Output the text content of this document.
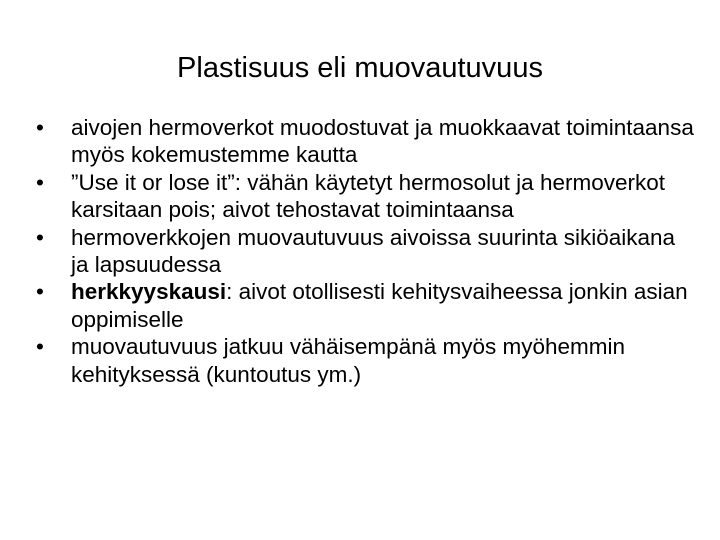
Plastisuus eli muovautuvuus
•	aivojen hermoverkot muodostuvat ja muokkaavat toimintaansa myös kokemustemme kautta
•	”Use it or lose it”: vähän käytetyt hermosolut ja hermoverkot karsitaan pois; aivot tehostavat toimintaansa
•	hermoverkkojen muovautuvuus aivoissa suurinta sikiöaikana ja lapsuudessa
•	herkkyyskausi: aivot otollisesti kehitysvaiheessa jonkin asian oppimiselle
•	muovautuvuus jatkuu vähäisempänä myös myöhemmin kehityksessä (kuntoutus ym.)
